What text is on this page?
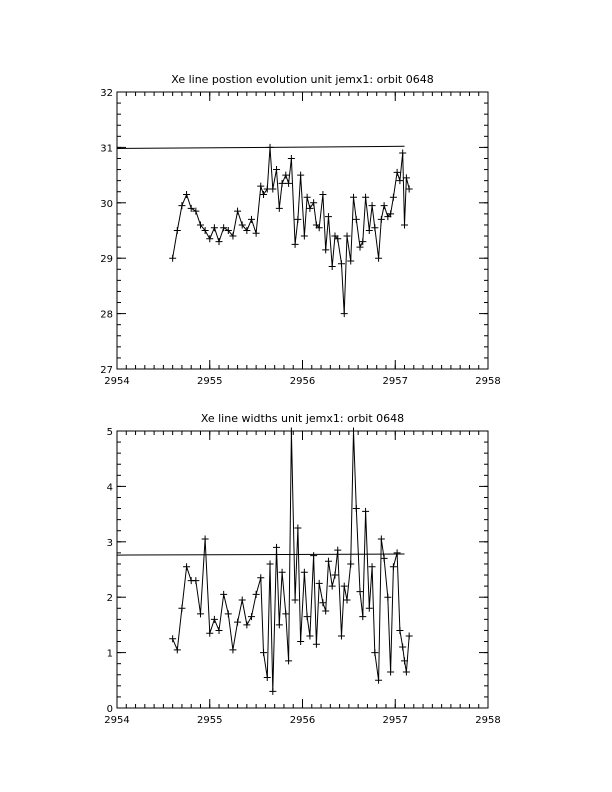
Xe line postion evolution unit jemx1: orbit 0648
2954	2955	2956	2957	2958
27
28
29
30
31
32
Xe line widths unit jemx1: orbit 0648
2954	2955	2956	2957	2958
0
1
2
3
4
5
